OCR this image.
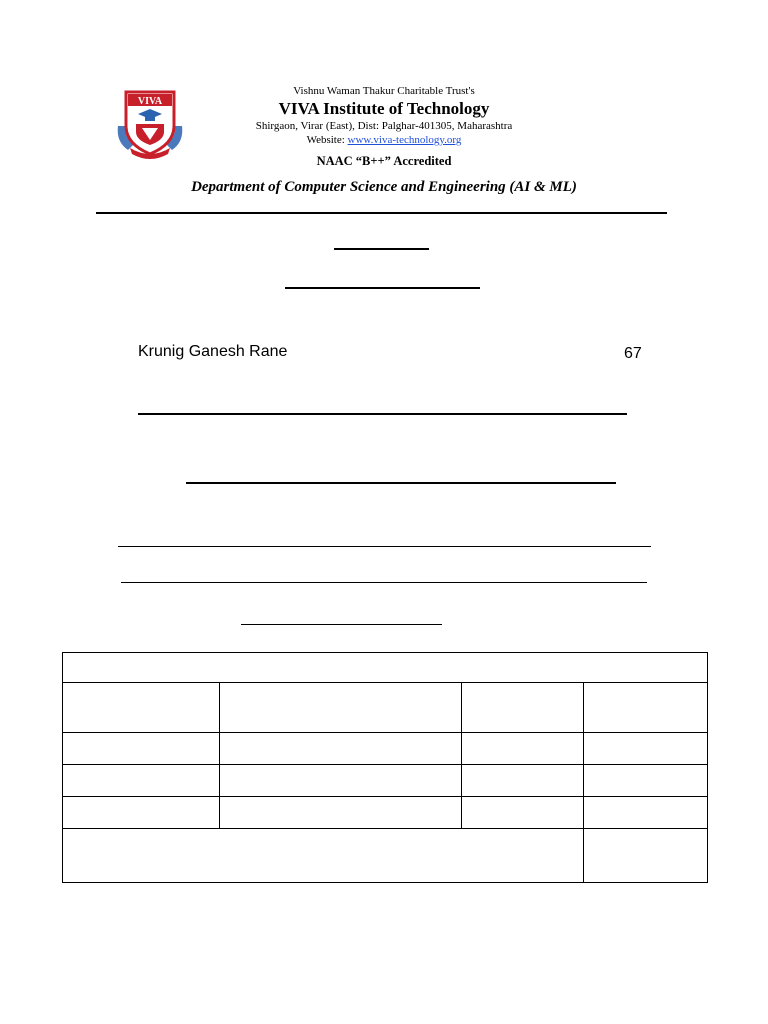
VIVA
Vishnu Waman Thakur Charitable Trust's
VIVA Institute of Technology
Shirgaon, Virar (East), Dist: Palghar-401305, Maharashtra
Website: www.viva-technology.org
NAAC “B++” Accredited
Department of Computer Science and Engineering (AI & ML)
Krunig Ganesh Rane	67
